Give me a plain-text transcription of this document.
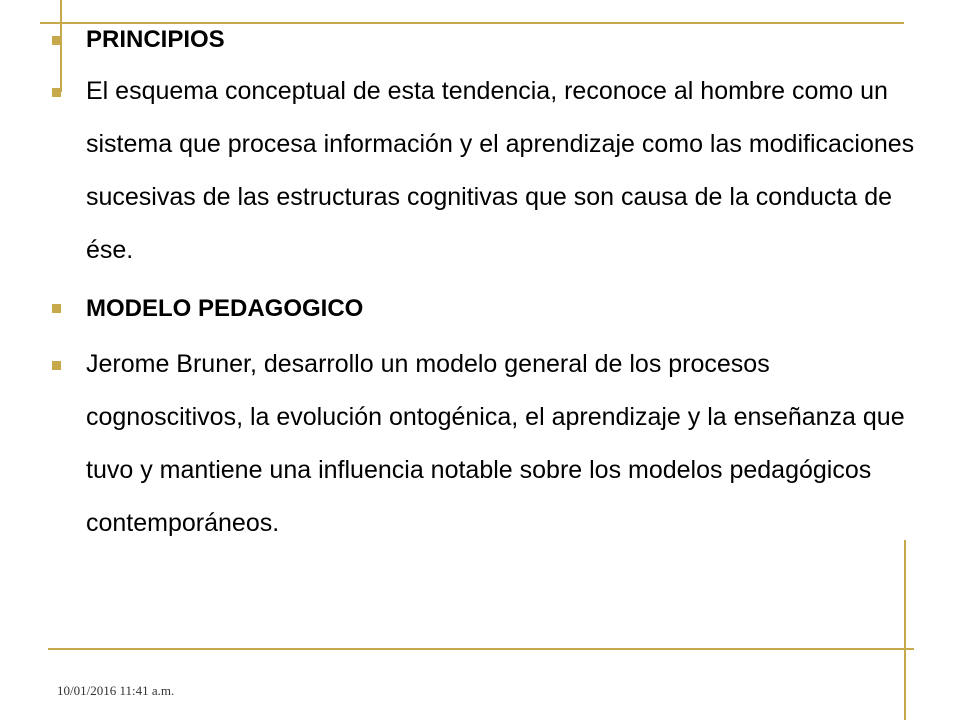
PRINCIPIOS
El esquema conceptual de esta tendencia, reconoce al hombre como un sistema que procesa información y el aprendizaje como las modificaciones sucesivas de las estructuras cognitivas que son causa de la conducta de ése.
MODELO PEDAGOGICO
Jerome Bruner, desarrollo un modelo general de los procesos cognoscitivos, la evolución ontogénica, el aprendizaje y la enseñanza que tuvo y mantiene una influencia notable sobre los modelos pedagógicos contemporáneos.
10/01/2016 11:41 a.m.
